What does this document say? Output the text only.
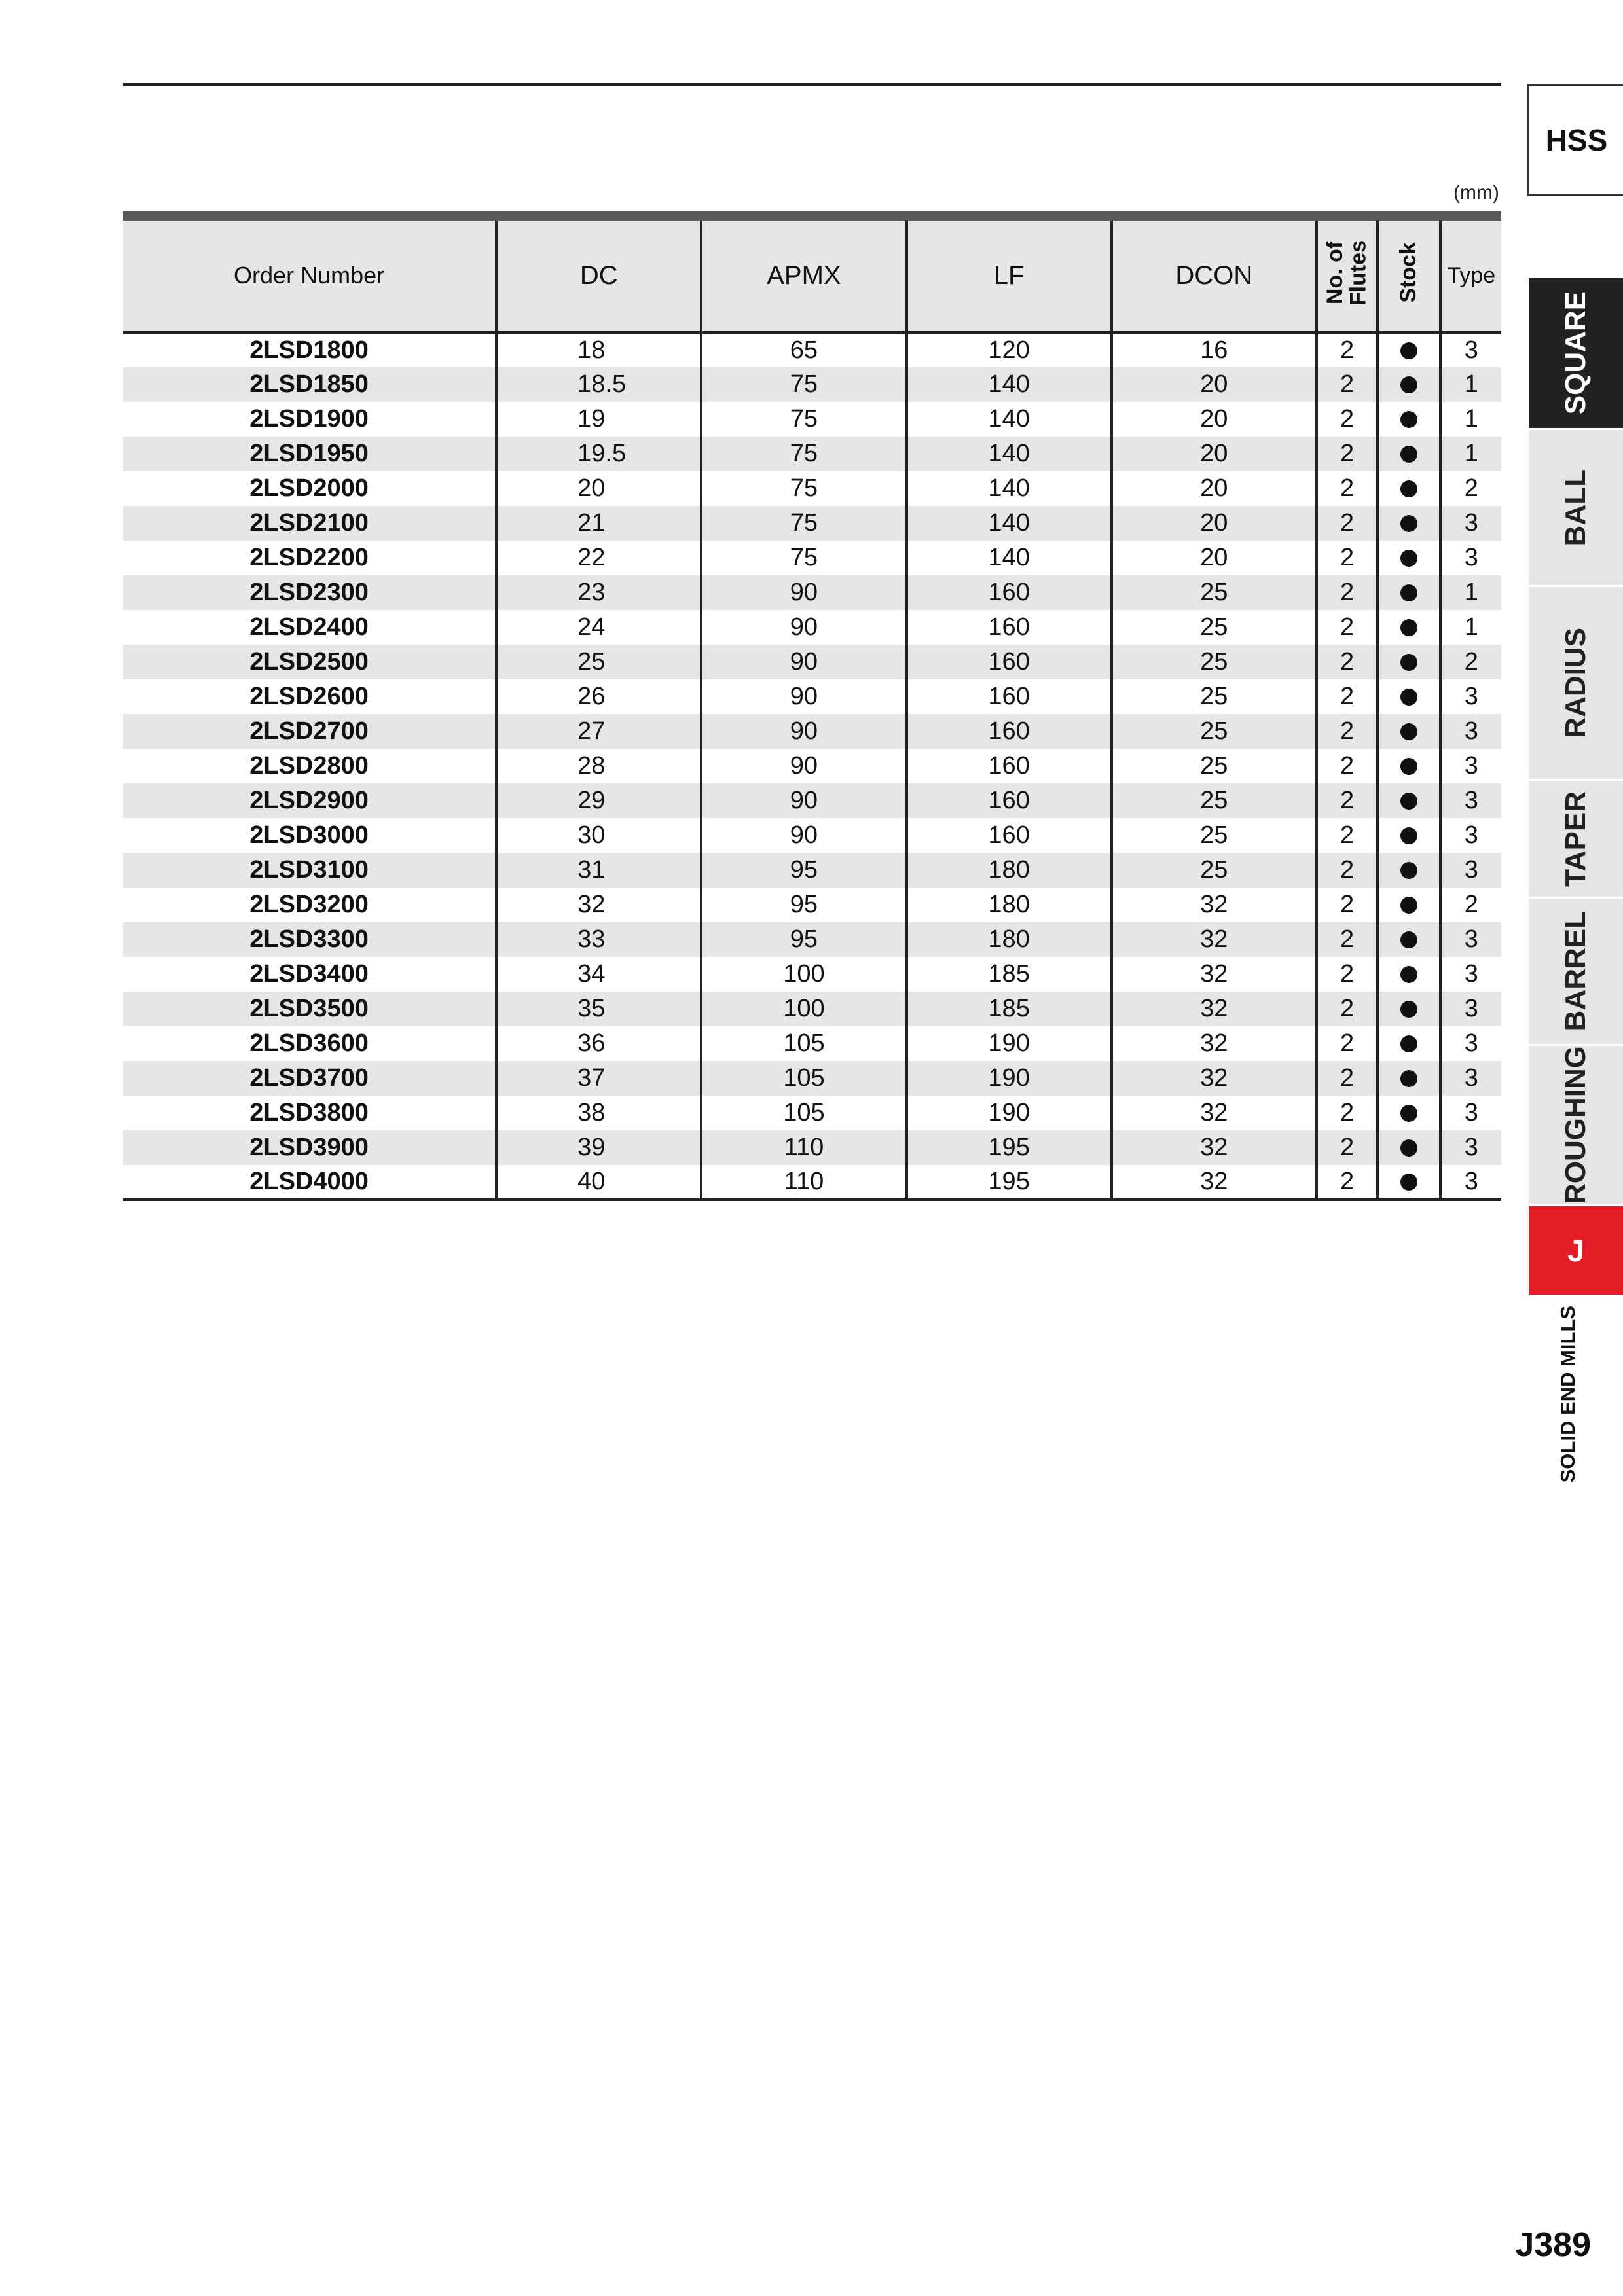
(mm)
Order Number	DC	APMX	LF	DCON	No. of
Flutes	Stock	Type
2LSD1800	18	65	120	16	2		3
2LSD1850	18.5	75	140	20	2		1
2LSD1900	19	75	140	20	2		1
2LSD1950	19.5	75	140	20	2		1
2LSD2000	20	75	140	20	2		2
2LSD2100	21	75	140	20	2		3
2LSD2200	22	75	140	20	2		3
2LSD2300	23	90	160	25	2		1
2LSD2400	24	90	160	25	2		1
2LSD2500	25	90	160	25	2		2
2LSD2600	26	90	160	25	2		3
2LSD2700	27	90	160	25	2		3
2LSD2800	28	90	160	25	2		3
2LSD2900	29	90	160	25	2		3
2LSD3000	30	90	160	25	2		3
2LSD3100	31	95	180	25	2		3
2LSD3200	32	95	180	32	2		2
2LSD3300	33	95	180	32	2		3
2LSD3400	34	100	185	32	2		3
2LSD3500	35	100	185	32	2		3
2LSD3600	36	105	190	32	2		3
2LSD3700	37	105	190	32	2		3
2LSD3800	38	105	190	32	2		3
2LSD3900	39	110	195	32	2		3
2LSD4000	40	110	195	32	2		3
HSS
SQUARE
BALL
RADIUS
TAPER
BARREL
ROUGHING
J
SOLID END MILLS
J389
